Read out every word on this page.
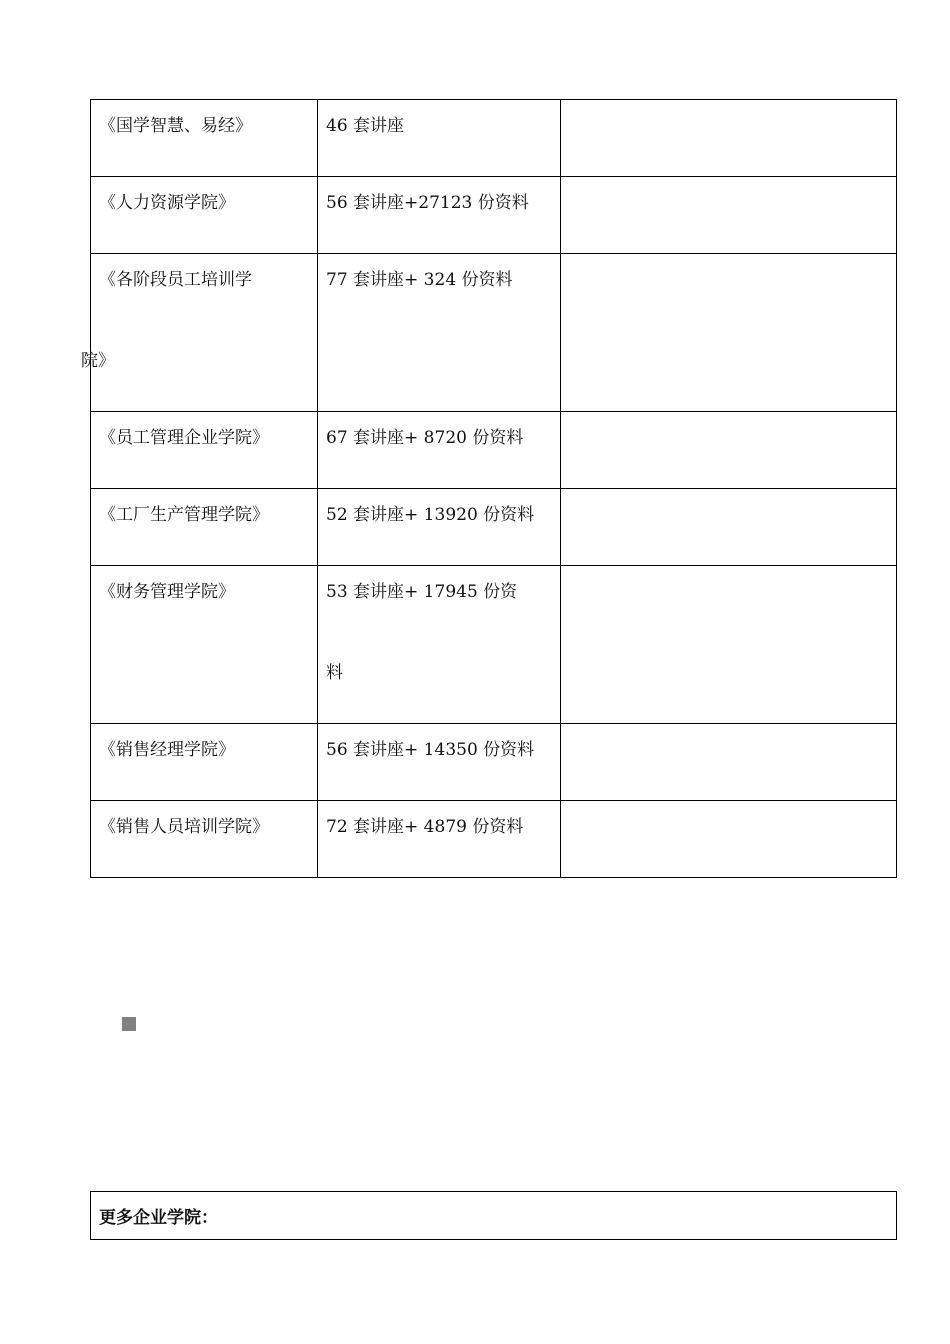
《国学智慧、易经》	46 套讲座	

《人力资源学院》	56 套讲座+27123 份资料	

《各阶段员工培训学
院》	77 套讲座+ 324 份资料	

《员工管理企业学院》	67 套讲座+ 8720 份资料	

《工厂生产管理学院》	52 套讲座+ 13920 份资料	

《财务管理学院》	53 套讲座+ 17945 份资
料	

《销售经理学院》	56 套讲座+ 14350 份资料	

《销售人员培训学院》	72 套讲座+ 4879 份资料	

更多企业学院：
